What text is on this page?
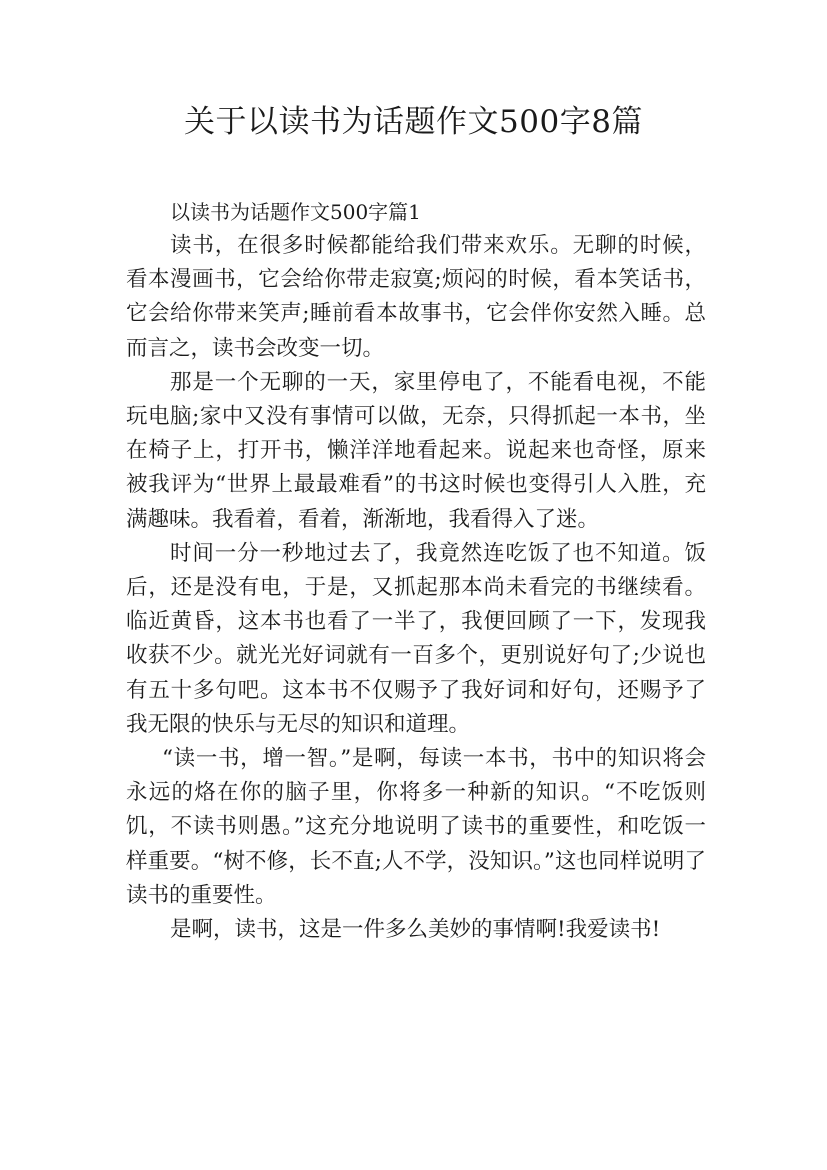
关于以读书为话题作文500字8篇
以读书为话题作文500字篇1

读书，在很多时候都能给我们带来欢乐。无聊的时候，看本漫画书，它会给你带走寂寞;烦闷的时候，看本笑话书，它会给你带来笑声;睡前看本故事书，它会伴你安然入睡。总而言之，读书会改变一切。

那是一个无聊的一天，家里停电了，不能看电视，不能玩电脑;家中又没有事情可以做，无奈，只得抓起一本书，坐在椅子上，打开书，懒洋洋地看起来。说起来也奇怪，原来被我评为“世界上最最难看”的书这时候也变得引人入胜，充满趣味。我看着，看着，渐渐地，我看得入了迷。

时间一分一秒地过去了，我竟然连吃饭了也不知道。饭后，还是没有电，于是，又抓起那本尚未看完的书继续看。临近黄昏，这本书也看了一半了，我便回顾了一下，发现我收获不少。就光光好词就有一百多个，更别说好句了;少说也有五十多句吧。这本书不仅赐予了我好词和好句，还赐予了我无限的快乐与无尽的知识和道理。

“读一书，增一智。”是啊，每读一本书，书中的知识将会永远的烙在你的脑子里，你将多一种新的知识。“不吃饭则饥，不读书则愚。”这充分地说明了读书的重要性，和吃饭一样重要。“树不修，长不直;人不学，没知识。”这也同样说明了读书的重要性。

是啊，读书，这是一件多么美妙的事情啊!我爱读书!
